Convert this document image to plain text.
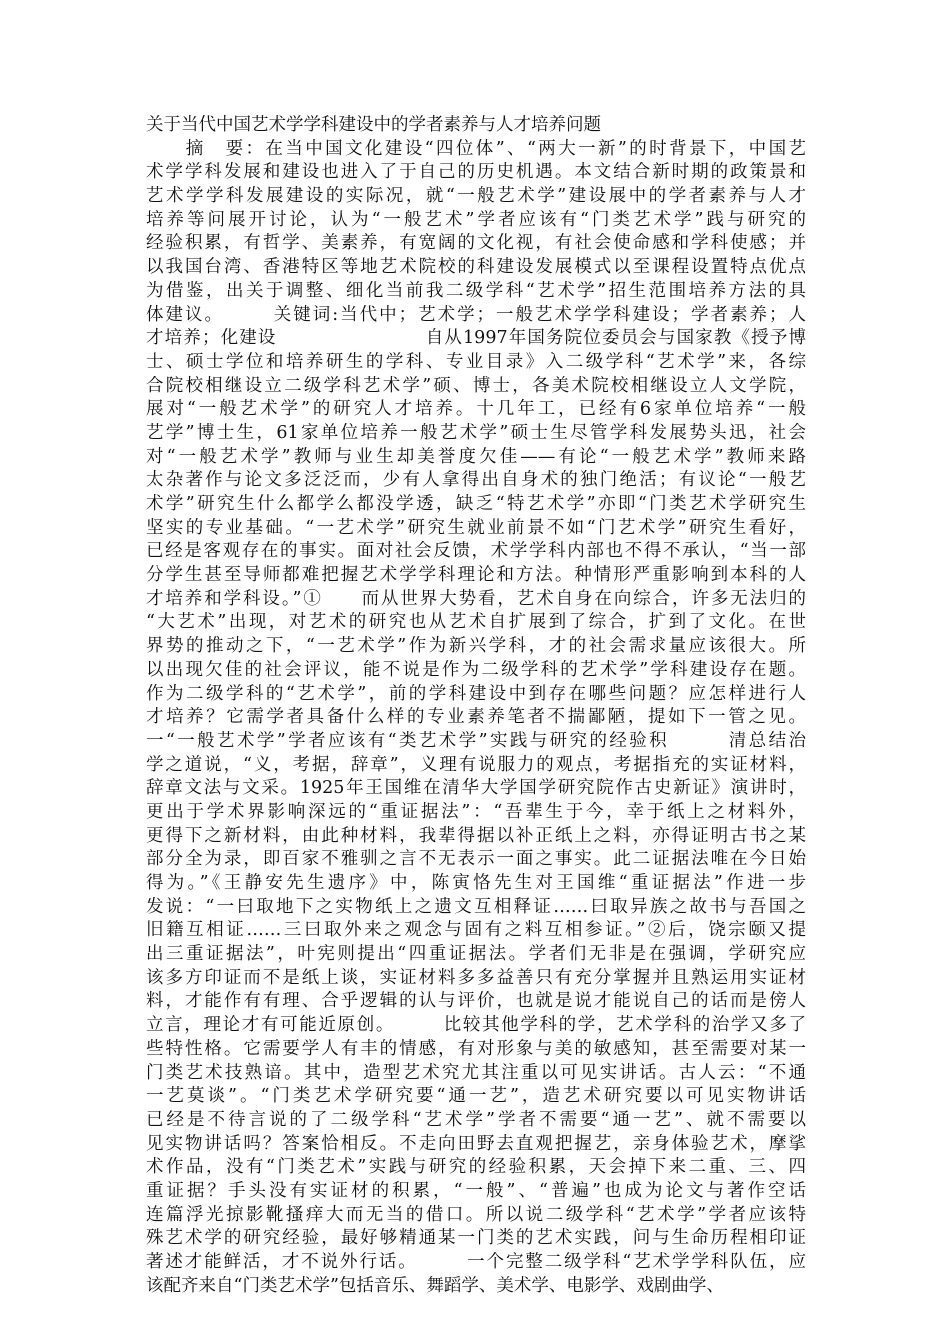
关于当代中国艺术学学科建设中的学者素养与人才培养问题
　　摘　要：在当中国文化建设“四位体”、“两大一新”的时背景下，中国艺
术学学科发展和建设也进入了于自己的历史机遇。本文结合新时期的政策景和
艺术学学科发展建设的实际况，就“一般艺术学”建设展中的学者素养与人才
培养等问展开讨论，认为“一般艺术”学者应该有“门类艺术学”践与研究的
经验积累，有哲学、美素养，有宽阔的文化视，有社会使命感和学科使感；并
以我国台湾、香港特区等地艺术院校的科建设发展模式以至课程设置特点优点
为借鉴，出关于调整、细化当前我二级学科“艺术学”招生范围培养方法的具
体建议。　　　关键词:当代中；艺术学；一般艺术学学科建设；学者素养；人
才培养；化建设　　　　　　　　自从1997年国务院位委员会与国家教《授予博
士、硕士学位和培养研生的学科、专业目录》入二级学科“艺术学”来，各综
合院校相继设立二级学科艺术学”硕、博士，各美术院校相继设立人文学院，
展对“一般艺术学”的研究人才培养。十几年工，已经有6家单位培养“一般
艺学”博士生，61家单位培养一般艺术学”硕士生尽管学科发展势头迅，社会
对“一般艺术学”教师与业生却美誉度欠佳——有论“一般艺术学”教师来路
太杂著作与论文多泛泛而，少有人拿得出自身术的独门绝活；有议论“一般艺
术学”研究生什么都学么都没学透，缺乏“特艺术学”亦即“门类艺术学研究生
坚实的专业基础。“一艺术学”研究生就业前景不如“门艺术学”研究生看好，
已经是客观存在的事实。面对社会反馈，术学学科内部也不得不承认，“当一部
分学生甚至导师都难把握艺术学学科理论和方法。种情形严重影响到本科的人
才培养和学科设。”①　　而从世界大势看，艺术自身在向综合，许多无法归的
“大艺术”出现，对艺术的研究也从艺术自扩展到了综合，扩到了文化。在世
界势的推动之下，“一艺术学”作为新兴学科，才的社会需求量应该很大。所
以出现欠佳的社会评议，能不说是作为二级学科的艺术学”学科建设存在题。
作为二级学科的“艺术学”，前的学科建设中到存在哪些问题？应怎样进行人
才培养？它需学者具备什么样的专业素养笔者不揣鄙陋，提如下一管之见。
一“一般艺术学”学者应该有“类艺术学”实践与研究的经验积　　　清总结治
学之道说，“义，考据，辞章”，义理有说服力的观点，考据指充的实证材料，
辞章文法与文采。1925年王国维在清华大学国学研究院作古史新证》演讲时，
更出于学术界影响深远的“重证据法”：“吾辈生于今，幸于纸上之材料外，
更得下之新材料，由此种材料，我辈得据以补正纸上之料，亦得证明古书之某
部分全为录，即百家不雅驯之言不无表示一面之事实。此二证据法唯在今日始
得为。”《王静安先生遗序》中，陈寅恪先生对王国维“重证据法”作进一步
发说：“一曰取地下之实物纸上之遗文互相释证……曰取异族之故书与吾国之
旧籍互相证……三曰取外来之观念与固有之料互相参证。”②后，饶宗颐又提
出三重证据法”，叶宪则提出“四重证据法。学者们无非是在强调，学研究应
该多方印证而不是纸上谈，实证材料多多益善只有充分掌握并且熟运用实证材
料，才能作有有理、合乎逻辑的认与评价，也就是说才能说自己的话而是傍人
立言，理论才有可能近原创。　　　比较其他学科的学，艺术学科的治学又多了
些特性格。它需要学人有丰的情感，有对形象与美的敏感知，甚至需要对某一
门类艺术技熟谙。其中，造型艺术究尤其注重以可见实讲话。古人云：“不通
一艺莫谈”。“门类艺术学研究要“通一艺”，造艺术研究要以可见实物讲话
已经是不待言说的了二级学科“艺术学”学者不需要“通一艺”、就不需要以
见实物讲话吗？答案恰相反。不走向田野去直观把握艺，亲身体验艺术，摩挲
术作品，没有“门类艺术”实践与研究的经验积累，天会掉下来二重、三、四
重证据？手头没有实证材的积累，“一般”、“普遍”也成为论文与著作空话
连篇浮光掠影靴搔痒大而无当的借口。所以说二级学科“艺术学”学者应该特
殊艺术学的研究经验，最好够精通某一门类的艺术实践，问与生命历程相印证
著述才能鲜活，才不说外行话。　　　一个完整二级学科“艺术学学科队伍，应
该配齐来自“门类艺术学”包括音乐、舞蹈学、美术学、电影学、戏剧曲学、
